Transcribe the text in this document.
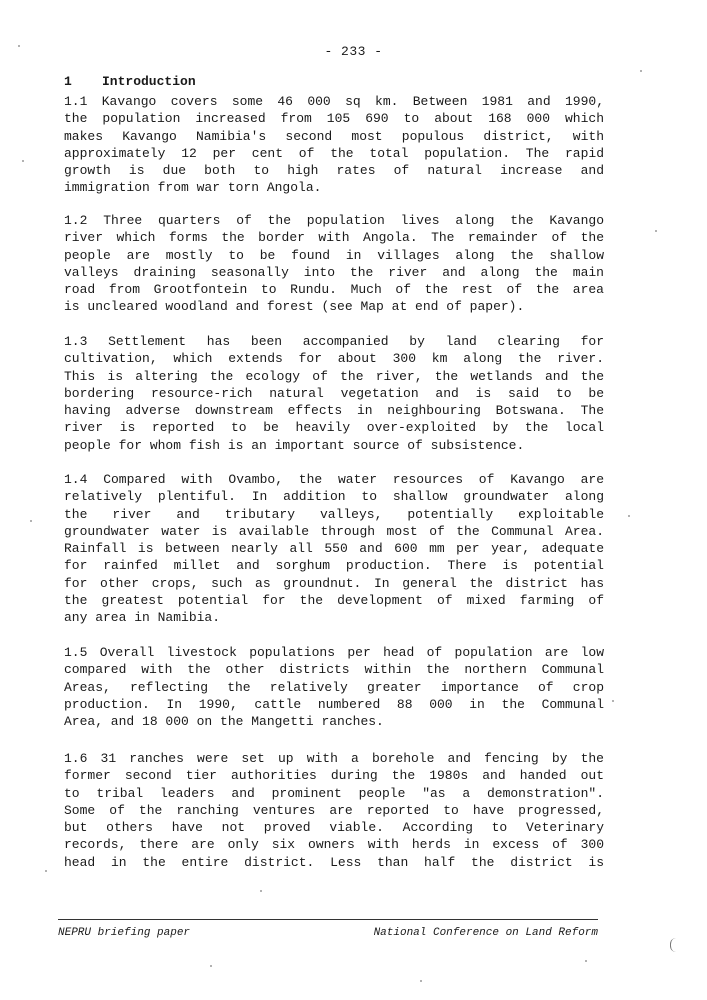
- 233 -
1 Introduction
1.1 Kavango covers some 46 000 sq km. Between 1981 and 1990,
the population increased from 105 690 to about 168 000 which
makes Kavango Namibia's second most populous district, with
approximately 12 per cent of the total population. The rapid
growth is due both to high rates of natural increase and
immigration from war torn Angola.
1.2 Three quarters of the population lives along the Kavango
river which forms the border with Angola. The remainder of the
people are mostly to be found in villages along the shallow
valleys draining seasonally into the river and along the main
road from Grootfontein to Rundu. Much of the rest of the area
is uncleared woodland and forest (see Map at end of paper).
1.3 Settlement has been accompanied by land clearing for
cultivation, which extends for about 300 km along the river.
This is altering the ecology of the river, the wetlands and the
bordering resource-rich natural vegetation and is said to be
having adverse downstream effects in neighbouring Botswana. The
river is reported to be heavily over-exploited by the local
people for whom fish is an important source of subsistence.
1.4 Compared with Ovambo, the water resources of Kavango are
relatively plentiful. In addition to shallow groundwater along
the river and tributary valleys, potentially exploitable
groundwater water is available through most of the Communal Area.
Rainfall is between nearly all 550 and 600 mm per year, adequate
for rainfed millet and sorghum production. There is potential
for other crops, such as groundnut. In general the district has
the greatest potential for the development of mixed farming of
any area in Namibia.
1.5 Overall livestock populations per head of population are low
compared with the other districts within the northern Communal
Areas, reflecting the relatively greater importance of crop
production. In 1990, cattle numbered 88 000 in the Communal
Area, and 18 000 on the Mangetti ranches.
1.6 31 ranches were set up with a borehole and fencing by the
former second tier authorities during the 1980s and handed out
to tribal leaders and prominent people "as a demonstration".
Some of the ranching ventures are reported to have progressed,
but others have not proved viable. According to Veterinary
records, there are only six owners with herds in excess of 300
head in the entire district. Less than half the district is
NEPRU briefing paper	National Conference on Land Reform
